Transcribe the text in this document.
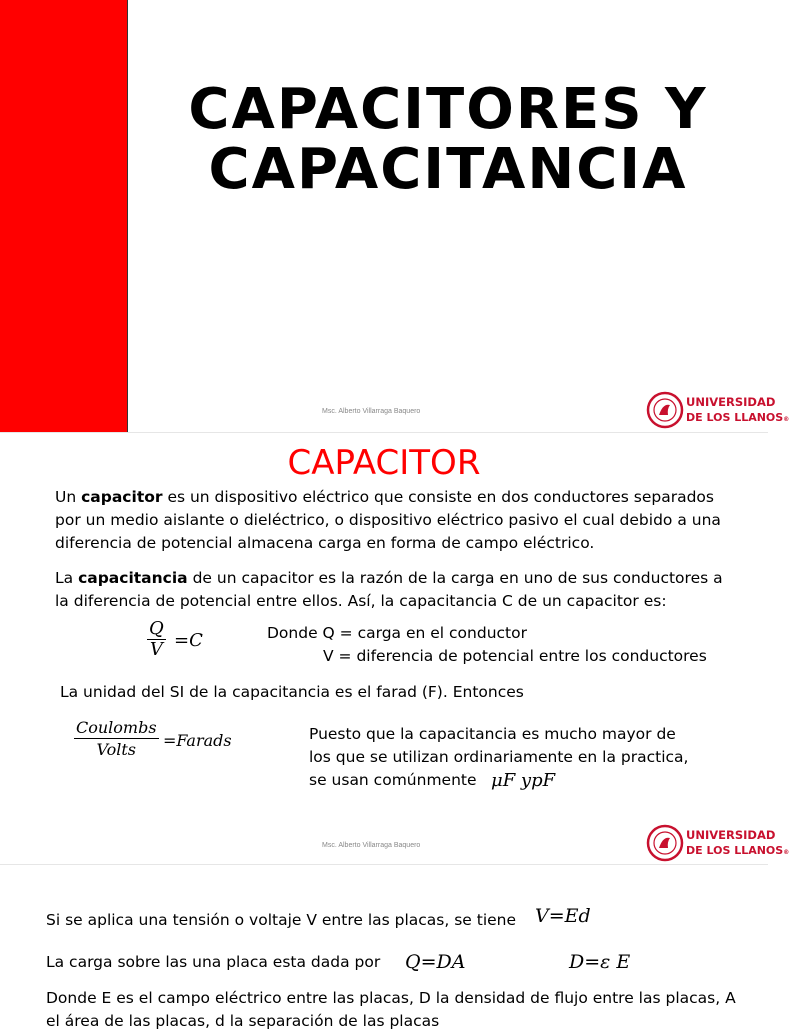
CAPACITORES Y
CAPACITANCIA
Msc. Alberto Villarraga Baquero
UNIVERSIDAD
DE LOS LLANOS®
CAPACITOR
Un capacitor es un dispositivo eléctrico que consiste en dos conductores separados por un medio aislante o dieléctrico, o dispositivo eléctrico pasivo el cual debido a una diferencia de potencial almacena carga en forma de campo eléctrico.
La capacitancia de un capacitor es la razón de la carga en uno de sus conductores a la diferencia de potencial entre ellos. Así, la capacitancia C de un capacitor es:
$\frac{Q}{V} =C$	Donde Q = carga en el conductor
V = diferencia de potencial entre los conductores
La unidad del SI de la capacitancia es el farad (F). Entonces
Coulombs
Volts	=Farads	Puesto que la capacitancia es mucho mayor de
los que se utilizan ordinariamente en la practica,
se usan comúnmente μF ypF
Msc. Alberto Villarraga Baquero
UNIVERSIDAD
DE LOS LLANOS®
Si se aplica una tensión o voltaje V entre las placas, se tiene V=Ed
La carga sobre las una placa esta dada por Q=DA	D=ε E
Donde E es el campo eléctrico entre las placas, D la densidad de flujo entre las placas, A el área de las placas, d la separación de las placas
